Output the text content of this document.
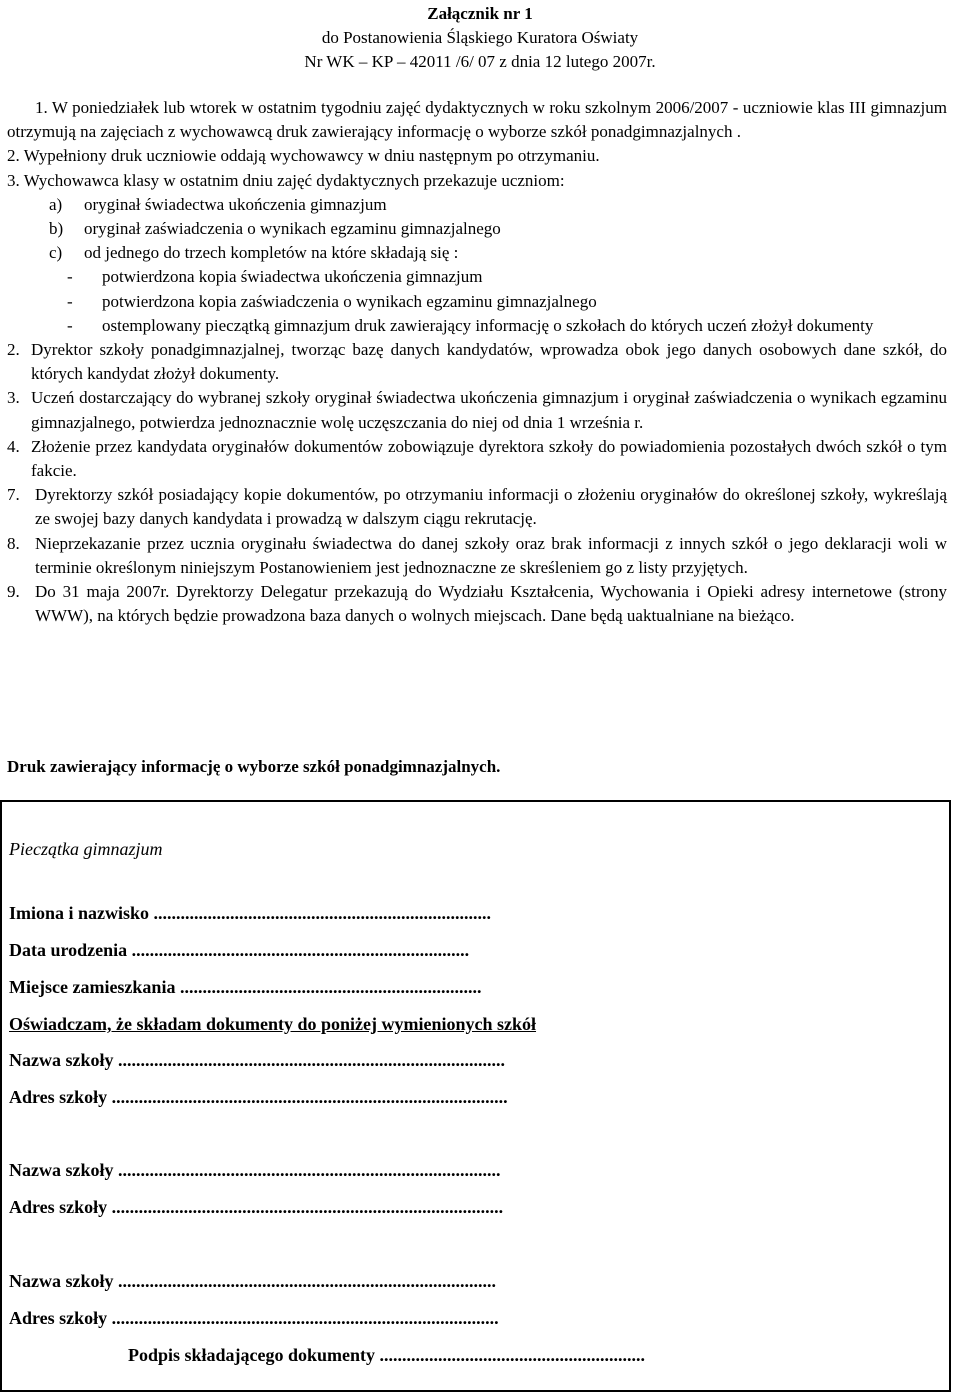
Załącznik nr 1
do Postanowienia Śląskiego Kuratora Oświaty
Nr WK – KP – 42011 /6/ 07 z dnia 12 lutego 2007r.
1. W poniedziałek lub wtorek w ostatnim tygodniu zajęć dydaktycznych w roku szkolnym 2006/2007 - uczniowie klas III gimnazjum otrzymują na zajęciach z wychowawcą druk zawierający informację o wyborze szkół ponadgimnazjalnych .
2. Wypełniony druk uczniowie oddają wychowawcy w dniu następnym po otrzymaniu.
3. Wychowawca klasy w ostatnim dniu zajęć dydaktycznych przekazuje uczniom:
a)	oryginał świadectwa ukończenia gimnazjum
b)	oryginał zaświadczenia o wynikach egzaminu gimnazjalnego
c)	od jednego do trzech kompletów na które składają się :
-	potwierdzona kopia świadectwa ukończenia gimnazjum
-	potwierdzona kopia zaświadczenia o wynikach egzaminu gimnazjalnego
-	ostemplowany pieczątką gimnazjum druk zawierający informację o szkołach do których uczeń złożył dokumenty
2. Dyrektor szkoły ponadgimnazjalnej, tworząc bazę danych kandydatów, wprowadza obok jego danych osobowych dane szkół, do których kandydat złożył dokumenty.
3. Uczeń dostarczający do wybranej szkoły oryginał świadectwa ukończenia gimnazjum i oryginał zaświadczenia o wynikach egzaminu gimnazjalnego, potwierdza jednoznacznie wolę uczęszczania do niej od dnia 1 września r.
4. Złożenie przez kandydata oryginałów dokumentów zobowiązuje dyrektora szkoły do powiadomienia pozostałych dwóch szkół o tym fakcie.
7. Dyrektorzy szkół posiadający kopie dokumentów, po otrzymaniu informacji o złożeniu oryginałów do określonej szkoły, wykreślają ze swojej bazy danych kandydata i prowadzą w dalszym ciągu rekrutację.
8. Nieprzekazanie przez ucznia oryginału świadectwa do danej szkoły oraz brak informacji z innych szkół o jego deklaracji woli w terminie określonym niniejszym Postanowieniem jest jednoznaczne ze skreśleniem go z listy przyjętych.
9. Do 31 maja 2007r. Dyrektorzy Delegatur przekazują do Wydziału Kształcenia, Wychowania i Opieki adresy internetowe (strony WWW), na których będzie prowadzona baza danych o wolnych miejscach. Dane będą uaktualniane na bieżąco.
Druk zawierający informację o wyborze szkół ponadgimnazjalnych.
Pieczątka gimnazjum
Imiona i nazwisko ...........................................................................
Data urodzenia ...........................................................................
Miejsce zamieszkania ...................................................................
Oświadczam, że składam dokumenty do poniżej wymienionych szkół
Nazwa szkoły ......................................................................................
Adres szkoły ........................................................................................
Nazwa szkoły .....................................................................................
Adres szkoły .......................................................................................
Nazwa szkoły ....................................................................................
Adres szkoły ......................................................................................
Podpis składającego dokumenty ...........................................................
